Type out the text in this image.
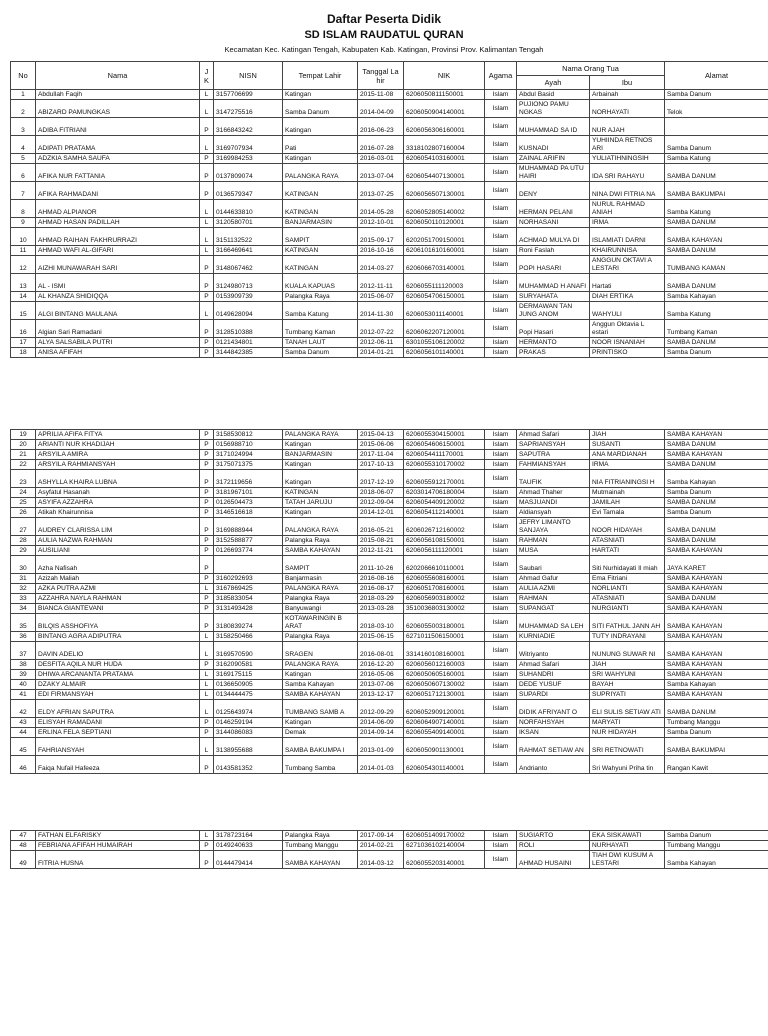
Daftar Peserta Didik
SD ISLAM RAUDATUL QURAN
Kecamatan Kec. Katingan Tengah, Kabupaten Kab. Katingan, Provinsi Prov. Kalimantan Tengah
No	Nama	J K	NISN	Tempat Lahir	Tanggal La hir	NIK	Agama	Nama Orang Tua		Alamat
								Ayah	Ibu	
1	Abdullah Faqih	L	3157706699	Katingan	2015-11-08	6206050811150001	Islam	Abdul Basid	Arbainah	Samba Danum
2	ABIZARD PAMUNGKAS	L	3147275516	Samba Danum	2014-04-09	6206050904140001	Islam	PUJIONO PAMU NGKAS	NORHAYATI	Telok
3	ADIBA FITRIANI	P	3166843242	Katingan	2016-06-23	6206056306160001	Islam	MUHAMMAD SA ID	NUR AJAH	
4	ADIPATI PRATAMA	L	3169707934	Pati	2016-07-28	3318102807160004	Islam	KUSNADI	YUHIINDA RETNOS ARI	Samba Danum
5	ADZKIA SAMHA SAUFA	P	3169984253	Katingan	2016-03-01	6206054103160001	Islam	ZAINAL ARIFIN	YULIATIHNINGSIH	Samba Katung
6	AFIKA NUR FATTANIA	P	0137809074	PALANGKA RAYA	2013-07-04	6206054407130001	Islam	MUHAMMAD PA UTU HAIRI	IDA SRI RAHAYU	SAMBA DANUM
7	AFIKA RAHMADANI	P	0136579347	KATINGAN	2013-07-25	6206056507130001	Islam	DENY	NINA DWI FITRIA NA	SAMBA BAKUMPAI
8	AHMAD ALPIANOR	L	0144633810	KATINGAN	2014-05-28	6206052805140002	Islam	HERMAN PELANI	NURUL RAHMAD ANIAH	Samba Katung
9	AHMAD HASAN PADILLAH	L	3120580701	BANJARMASIN	2012-10-01	6206050110120001	Islam	NORHASANI	IRMA	SAMBA DANUM
10	AHMAD RAIHAN FAKHRURRAZI	L	3151132522	SAMPIT	2015-09-17	6202051709150001	Islam	ACHMAD MULYA DI	ISLAMIATI DARNI	SAMBA KAHAYAN
11	AHMAD WAFI AL-GIFARI	L	3166469641	KATINGAN	2016-10-16	6206101610160001	Islam	Roni Faslah	KHAIRUNNISA	SAMBA DANUM
12	AIZHI MUNAWARAH SARI	P	3148067462	KATINGAN	2014-03-27	6206066703140001	Islam	POPI HASARI	ANGGUN OKTAVI A LESTARI	TUMBANG KAMAN
13	AL - ISMI	P	3124980713	KUALA KAPUAS	2012-11-11	6206055111120003	Islam	MUHAMMAD H ANAFI	Hartati	SAMBA DANUM
14	AL KHANZA SHIDIQQA	P	0153909739	Palangka Raya	2015-06-07	6206054706150001	Islam	SURYAHATA	DIAH ERTIKA	Samba Kahayan
15	ALGI BINTANG MAULANA	L	0149628094	Samba Katung	2014-11-30	6206053011140001	Islam	DERMAWAN TAN JUNG ANOM	WAHYULI	Samba Katung
16	Algian Sari Ramadani	P	3128510388	Tumbang Kaman	2012-07-22	6206062207120001	Islam	Popi Hasari	Anggun Oktavia L estari	Tumbang Kaman
17	ALYA SALSABILA PUTRI	P	0121434801	TANAH LAUT	2012-06-11	6301055106120002	Islam	HERMANTO	NOOR ISNANIAH	SAMBA DANUM
18	ANISA AFIFAH	P	3144842385	Samba Danum	2014-01-21	6206056101140001	Islam	PRAKAS	PRINTISKO	Samba Danum
19	APRILIA AFIFA FITYA	P	3158530812	PALANGKA RAYA	2015-04-13	6206055304150001	Islam	Ahmad Safari	JIAH	SAMBA KAHAYAN
20	ARIANTI NUR KHADIJAH	P	0156988710	Katingan	2015-06-06	6206054606150001	Islam	SAPRIANSYAH	SUSANTI	SAMBA DANUM
21	ARSYILA AMIRA	P	3171024994	BANJARMASIN	2017-11-04	6206054411170001	Islam	SAPUTRA	ANA MARDIANAH	SAMBA KAHAYAN
22	ARSYILA RAHMIANSYAH	P	3175071375	Katingan	2017-10-13	6206055310170002	Islam	FAHMIANSYAH	IRMA	SAMBA DANUM
23	ASHYLLA KHAIRA LUBNA	P	3172119656	Katingan	2017-12-19	6206055912170001	Islam	TAUFIK	NIA FITRIANINGSI H	Samba Kahayan
24	Asyfatul Hasanah	P	3181967101	KATINGAN	2018-06-07	6203014706180004	Islam	Ahmad Thaher	Mutmainah	Samba Danum
25	ASYIFA AZZAHRA	P	0126504473	TATAH JARUJU	2012-09-04	6206054409120002	Islam	MASJUANDI	JAMILAH	SAMBA DANUM
26	Atikah Khairunnisa	P	3146516618	Katingan	2014-12-01	6206054112140001	Islam	Aldiansyah	Evi Tamala	Samba Danum
27	AUDREY CLARISSA LIM	P	3169888944	PALANGKA RAYA	2016-05-21	6206026712160002	Islam	JEFRY LIMANTO SANJAYA	NOOR HIDAYAH	SAMBA DANUM
28	AULIA NAZWA RAHMAN	P	3152588877	Palangka Raya	2015-08-21	6206056108150001	Islam	RAHMAN	ATASNIATI	SAMBA DANUM
29	AUSILIANI	P	0126693774	SAMBA KAHAYAN	2012-11-21	6206056111120001	Islam	MUSA	HARTATI	SAMBA KAHAYAN
30	Azha Nafisah	P		SAMPIT	2011-10-26	6202066610110001	Islam	Saubari	Siti Nurhidayati Il miah	JAYA KARET
31	Azizah Maliah	P	3160292693	Banjarmasin	2016-08-16	6206055608160001	Islam	Ahmad Gafur	Ema Fitriani	SAMBA KAHAYAN
32	AZKA PUTRA AZMI	L	3167869425	PALANGKA RAYA	2016-08-17	6206051708160001	Islam	AULIA AZMI	NORLIANTI	SAMBA KAHAYAN
33	AZZAHRA NAYLA RAHMAN	P	3185833054	Palangka Raya	2018-03-29	6206056903180002	Islam	RAHMAN	ATASNIATI	SAMBA DANUM
34	BIANCA GIANTEVANI	P	3131493428	Banyuwangi	2013-03-28	3510036803130002	Islam	SUPANGAT	NURGIANTI	SAMBA KAHAYAN
35	BILQIS ASSHOFIYA	P	3180839274	KOTAWARINGIN B ARAT	2018-03-10	6206055003180001	Islam	MUHAMMAD SA LEH	SITI FATHUL JANN AH	SAMBA KAHAYAN
36	BINTANG AGRA ADIPUTRA	L	3158250466	Palangka Raya	2015-06-15	6271011506150001	Islam	KURNIADIE	TUTY INDRAYANI	SAMBA KAHAYAN
37	DAVIN ADELIO	L	3169570590	SRAGEN	2016-08-01	3314160108160001	Islam	Witriyanto	NUNUNG SUWAR NI	SAMBA KAHAYAN
38	DESFITA AQILA NUR HUDA	P	3162090581	PALANGKA RAYA	2016-12-20	6206056012160003	Islam	Ahmad Safari	JIAH	SAMBA KAHAYAN
39	DHIWA ARCANANTA PRATAMA	L	3169175115	Katingan	2016-05-06	6206050605160001	Islam	SUHANDRI	SRI WAHYUNI	SAMBA KAHAYAN
40	DZAKY ALMAIR	L	0136650905	Samba Kahayan	2013-07-06	6206050607130002	Islam	DEDE YUSUF	BAYAH	Samba Kahayan
41	EDI FIRMANSYAH	L	0134444475	SAMBA KAHAYAN	2013-12-17	6206051712130001	Islam	SUPARDI	SUPRIYATI	SAMBA KAHAYAN
42	ELDY AFRIAN SAPUTRA	L	0125643974	TUMBANG SAMB A	2012-09-29	6206052909120001	Islam	DIDIK AFRIYANT O	ELI SULIS SETIAW ATI	SAMBA DANUM
43	ELISYAH RAMADANI	P	0146259194	Katingan	2014-06-09	6206064907140001	Islam	NORFAHSYAH	MARYATI	Tumbang Manggu
44	ERLINA FELA SEPTIANI	P	3144086083	Demak	2014-09-14	6206055409140001	Islam	IKSAN	NUR HIDAYAH	Samba Danum
45	FAHRIANSYAH	L	3138955688	SAMBA BAKUMPA I	2013-01-09	6206050901130001	Islam	RAHMAT SETIAW AN	SRI RETNOWATI	SAMBA BAKUMPAI
46	Faiqa Nufail Hafeeza	P	0143581352	Tumbang Samba	2014-01-03	6206054301140001	Islam	Andrianto	Sri Wahyuni Priha tin	Rangan Kawit
47	FATHAN ELFARISKY	L	3178723164	Palangka Raya	2017-09-14	6206051409170002	Islam	SUGIARTO	EKA SISKAWATI	Samba Danum
48	FEBRIANA AFIFAH HUMAIRAH	P	0149240633	Tumbang Manggu	2014-02-21	6271036102140004	Islam	ROLI	NURHAYATI	Tumbang Manggu
49	FITRIA HUSNA	P	0144479414	SAMBA KAHAYAN	2014-03-12	6206055203140001	Islam	AHMAD HUSAINI	TIAH DWI KUSUM A LESTARI	Samba Kahayan
